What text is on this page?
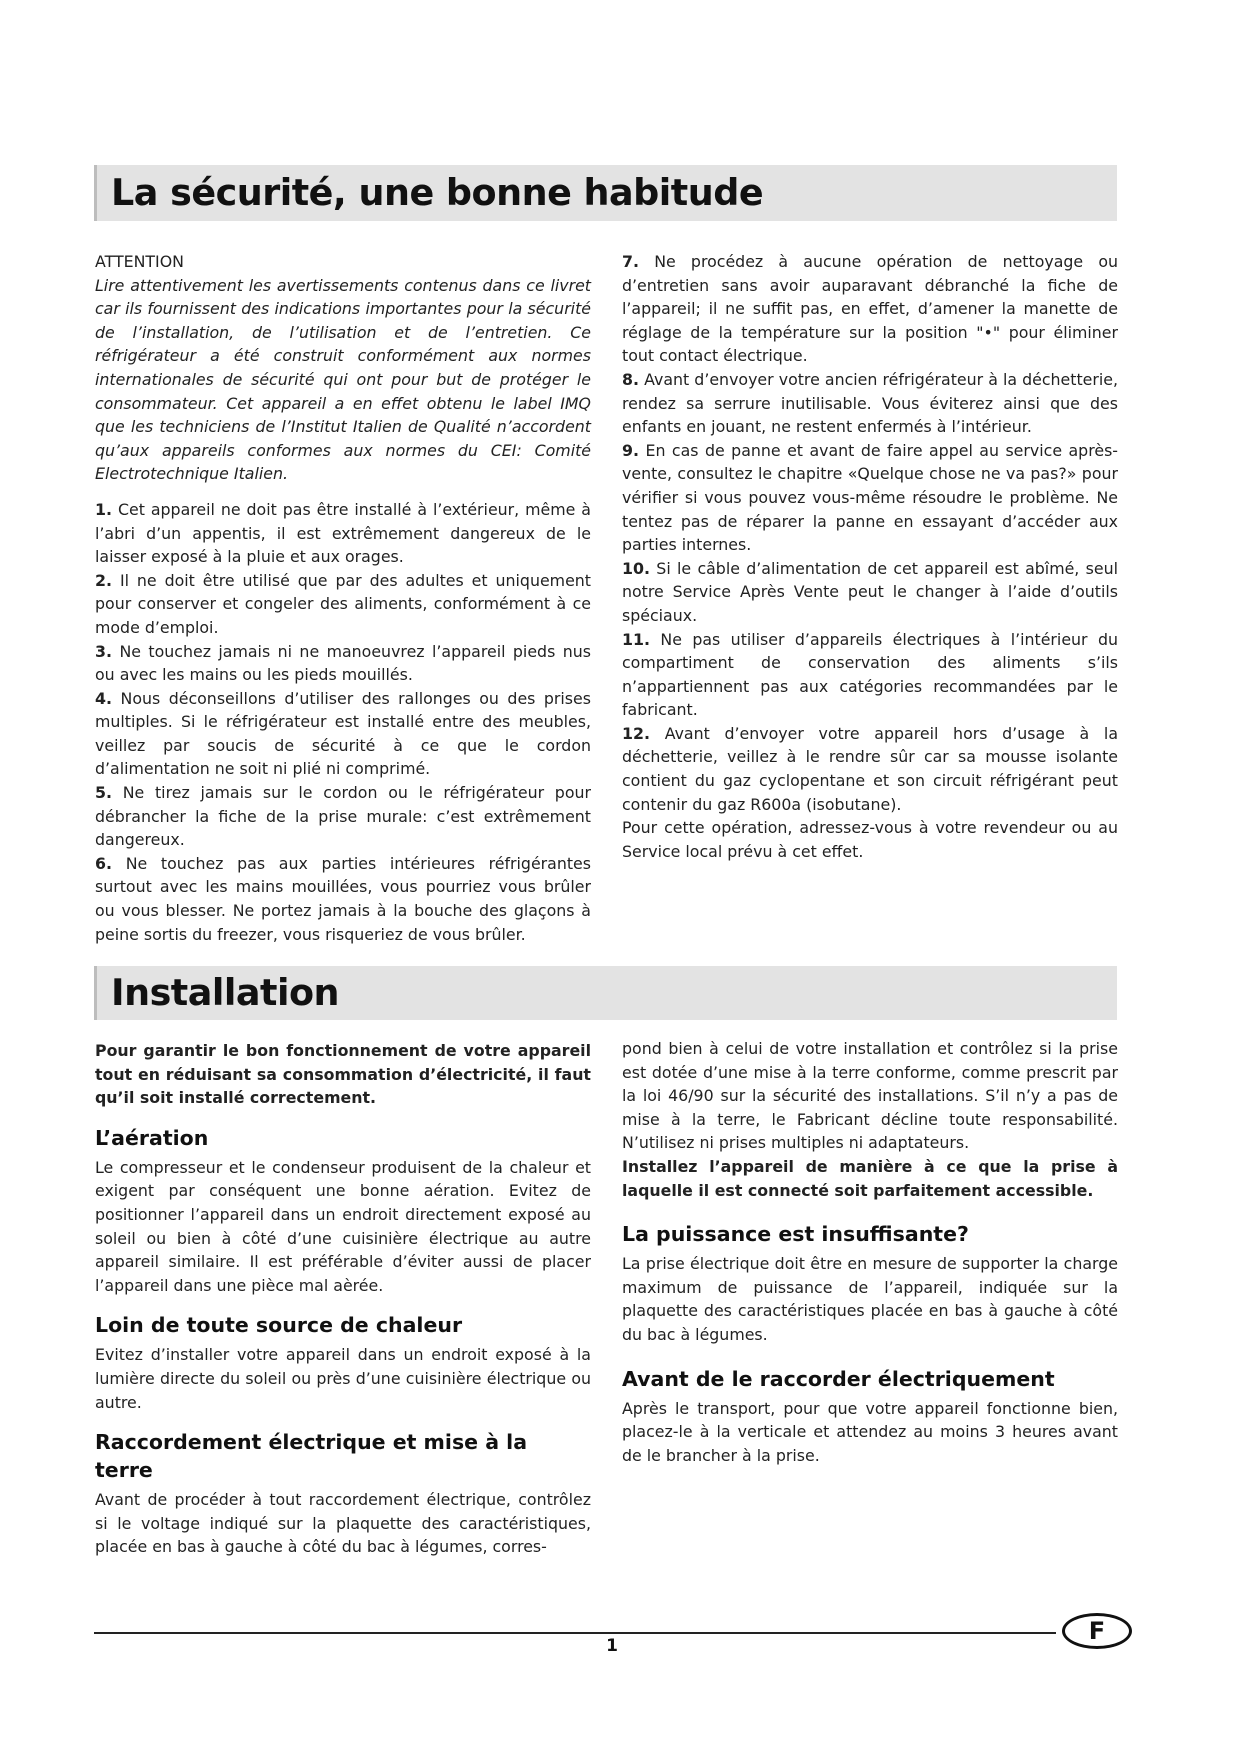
La sécurité, une bonne habitude

ATTENTION

Lire attentivement les avertissements contenus dans ce livret car ils fournissent des indications importantes pour la sécurité de l’installation, de l’utilisation et de l’entretien. Ce réfrigérateur a été construit conformément aux normes internationales de sécurité qui ont pour but de protéger le consommateur. Cet appareil a en effet obtenu le label IMQ que les techniciens de l’Institut Italien de Qualité n’accordent qu’aux appareils conformes aux normes du CEI: Comité Electrotechnique Italien.

1. Cet appareil ne doit pas être installé à l’extérieur, même à l’abri d’un appentis, il est extrêmement dangereux de le laisser exposé à la pluie et aux orages.

2. Il ne doit être utilisé que par des adultes et uniquement pour conserver et congeler des aliments, conformément à ce mode d’emploi.

3. Ne touchez jamais ni ne manoeuvrez l’appareil pieds nus ou avec les mains ou les pieds mouillés.

4. Nous déconseillons d’utiliser des rallonges ou des prises multiples. Si le réfrigérateur est installé entre des meubles, veillez par soucis de sécurité à ce que le cordon d’alimentation ne soit ni plié ni comprimé.

5. Ne tirez jamais sur le cordon ou le réfrigérateur pour débrancher la fiche de la prise murale: c’est extrêmement dangereux.

6. Ne touchez pas aux parties intérieures réfrigérantes surtout avec les mains mouillées, vous pourriez vous brûler ou vous blesser. Ne portez jamais à la bouche des glaçons à peine sortis du freezer, vous risqueriez de vous brûler.

7. Ne procédez à aucune opération de nettoyage ou d’entretien sans avoir auparavant débranché la fiche de l’appareil; il ne suffit pas, en effet, d’amener la manette de réglage de la température sur la position "•" pour éliminer tout contact électrique.

8. Avant d’envoyer votre ancien réfrigérateur à la déchetterie, rendez sa serrure inutilisable. Vous éviterez ainsi que des enfants en jouant, ne restent enfermés à l’intérieur.

9. En cas de panne et avant de faire appel au service après-vente, consultez le chapitre «Quelque chose ne va pas?» pour vérifier si vous pouvez vous-même résoudre le problème. Ne tentez pas de réparer la panne en essayant d’accéder aux parties internes.

10. Si le câble d’alimentation de cet appareil est abîmé, seul notre Service Après Vente peut le changer à l’aide d’outils spéciaux.

11. Ne pas utiliser d’appareils électriques à l’intérieur du compartiment de conservation des aliments s’ils n’appartiennent pas aux catégories recommandées par le fabricant.

12. Avant d’envoyer votre appareil hors d’usage à la déchetterie, veillez à le rendre sûr car sa mousse isolante contient du gaz cyclopentane et son circuit réfrigérant peut contenir du gaz R600a (isobutane).

Pour cette opération, adressez-vous à votre revendeur ou au Service local prévu à cet effet.

Installation

Pour garantir le bon fonctionnement de votre appareil tout en réduisant sa consommation d’électricité, il faut qu’il soit installé correctement.

L’aération

Le compresseur et le condenseur produisent de la chaleur et exigent par conséquent une bonne aération. Evitez de positionner l’appareil dans un endroit directement exposé au soleil ou bien à côté d’une cuisinière électrique au autre appareil similaire. Il est préférable d’éviter aussi de placer l’appareil dans une pièce mal aèrée.

Loin de toute source de chaleur

Evitez d’installer votre appareil dans un endroit exposé à la lumière directe du soleil ou près d’une cuisinière électrique ou autre.

Raccordement électrique et mise à la terre

Avant de procéder à tout raccordement électrique, contrôlez si le voltage indiqué sur la plaquette des caractéristiques, placée en bas à gauche à côté du bac à légumes, corres-

pond bien à celui de votre installation et contrôlez si la prise est dotée d’une mise à la terre conforme, comme prescrit par la loi 46/90 sur la sécurité des installations. S’il n’y a pas de mise à la terre, le Fabricant décline toute responsabilité. N’utilisez ni prises multiples ni adaptateurs.

Installez l’appareil de manière à ce que la prise à laquelle il est connecté soit parfaitement accessible.

La puissance est insuffisante?

La prise électrique doit être en mesure de supporter la charge maximum de puissance de l’appareil, indiquée sur la plaquette des caractéristiques placée en bas à gauche à côté du bac à légumes.

Avant de le raccorder électriquement

Après le transport, pour que votre appareil fonctionne bien, placez-le à la verticale et attendez au moins 3 heures avant de le brancher à la prise.

1
F
